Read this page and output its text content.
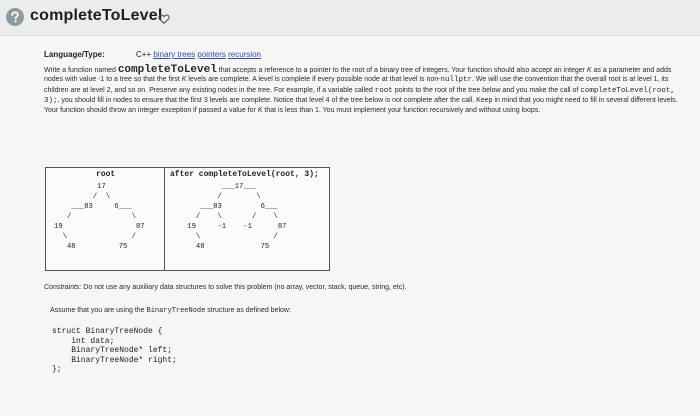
completeToLevel
Language/Type:	C++ binary trees pointers recursion
Write a function named completeToLevel that accepts a reference to a pointer to the root of a binary tree of integers. Your function should also accept an integer K as a parameter and adds nodes with value -1 to a tree so that the first K levels are complete. A level is complete if every possible node at that level is non-nullptr. We will use the convention that the overall root is at level 1, its children are at level 2, and so on. Preserve any existing nodes in the tree. For example, if a variable called root points to the root of the tree below and you make the call of completeToLevel(root, 3);, you should fill in nodes to ensure that the first 3 levels are complete. Notice that level 4 of the tree below is not complete after the call. Keep in mind that you might need to fill in several different levels. Your function should throw an integer exception if passed a value for K that is less than 1. You must implement your function recursively and without using loops.
root	after completeToLevel(root, 3);
17
/  \
___83     6___
/              \
19                 87
\               /
48          75
___17___
/        \
___83         6___
/    \       /    \
19     -1    -1      87
\                 /
48             75
Constraints: Do not use any auxiliary data structures to solve this problem (no array, vector, stack, queue, string, etc).
Assume that you are using the BinaryTreeNode structure as defined below:
struct BinaryTreeNode {
int data;
BinaryTreeNode* left;
BinaryTreeNode* right;
};
